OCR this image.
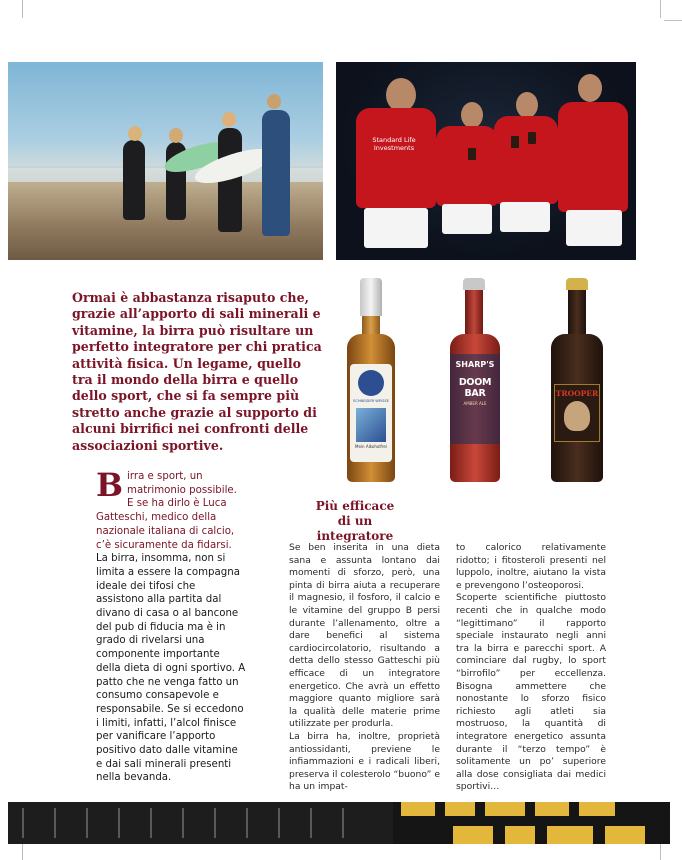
Standard Life Investments
Ormai è abbastanza risaputo che, grazie all’apporto di sali minerali e vitamine, la birra può risultare un perfetto integratore per chi pratica attività fisica. Un legame, quello tra il mondo della birra e quello dello sport, che si fa sempre più stretto anche grazie al supporto di alcuni birrifici nei confronti delle associazioni sportive.
SCHNEIDER WEISSE
Mein Alkoholfrei
SHARP'S
DOOM BAR
AMBER ALE
TROOPER
B irra e sport, un matrimonio possibile. E se ha dirlo è Luca Gatteschi, medico della nazionale italiana di calcio, c’è sicuramente da fidarsi.
La birra, insomma, non si limita a essere la compagna ideale dei tifosi che assistono alla partita dal divano di casa o al bancone del pub di fiducia ma è in grado di rivelarsi una componente importante della dieta di ogni sportivo. A patto che ne venga fatto un consumo consapevole e responsabile. Se si eccedono i limiti, infatti, l’alcol finisce per vanificare l’apporto positivo dato dalle vitamine e dai sali minerali presenti nella bevanda.
Più efficace
di un integratore

Se ben inserita in una dieta sana e assunta lontano dai momenti di sforzo, però, una pinta di birra aiuta a recuperare il magnesio, il fosforo, il calcio e le vitamine del gruppo B persi durante l’allenamento, oltre a dare benefici al sistema cardiocircolatorio, risultando a detta dello stesso Gatteschi più efficace di un integratore energetico. Che avrà un effetto maggiore quanto migliore sarà la qualità delle materie prime utilizzate per produrla.

La birra ha, inoltre, proprietà antiossidanti, previene le infiammazioni e i radicali liberi, preserva il colesterolo “buono” e ha un impat-

to calorico relativamente ridotto; i fitosteroli presenti nel luppolo, inoltre, aiutano la vista e prevengono l’osteoporosi.

Scoperte scientifiche piuttosto recenti che in qualche modo “legittimano” il rapporto speciale instaurato negli anni tra la birra e parecchi sport. A cominciare dal rugby, lo sport “birrofilo” per eccellenza. Bisogna ammettere che nonostante lo sforzo fisico richiesto agli atleti sia mostruoso, la quantità di integratore energetico assunta durante il “terzo tempo” è solitamente un po’ superiore alla dose consigliata dai medici sportivi…
